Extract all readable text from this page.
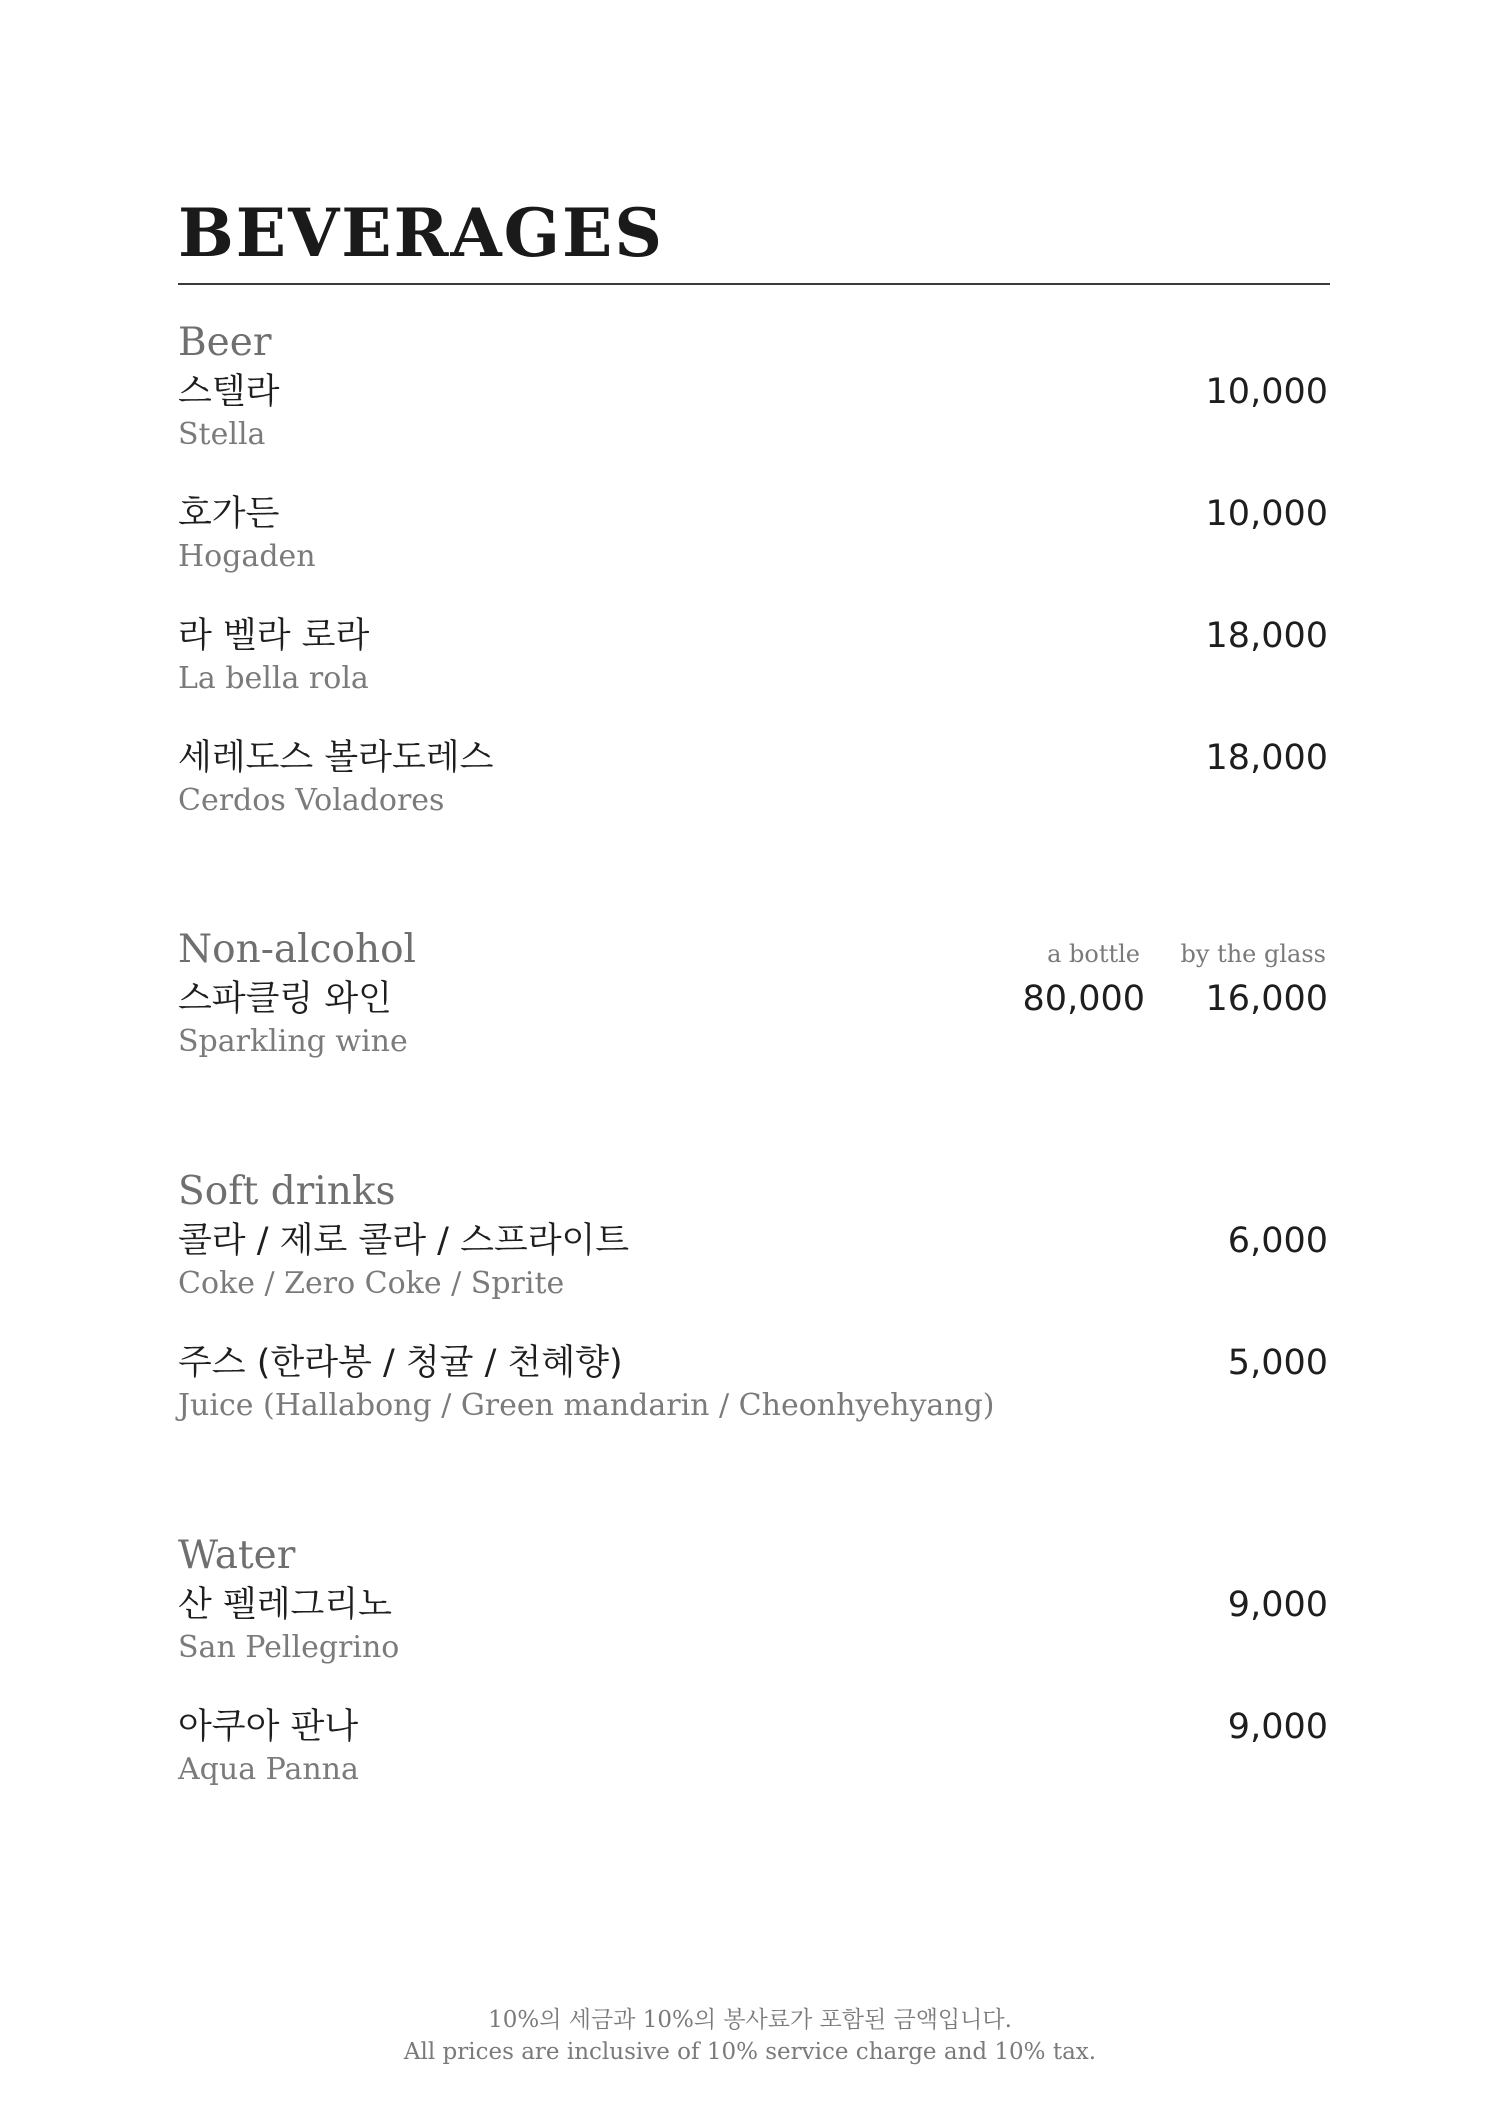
BEVERAGES
Beer
스텔라
Stella
10,000
호가든
Hogaden
10,000
라 벨라 로라
La bella rola
18,000
세레도스 볼라도레스
Cerdos Voladores
18,000
Non-alcohol	a bottle by the glass
스파클링 와인
Sparkling wine
80,000 16,000
Soft drinks
콜라 / 제로 콜라 / 스프라이트
Coke / Zero Coke / Sprite
6,000
주스 (한라봉 / 청귤 / 천혜향)
Juice (Hallabong / Green mandarin / Cheonhyehyang)
5,000
Water
산 펠레그리노
San Pellegrino
9,000
아쿠아 판나
Aqua Panna
9,000
10%의 세금과 10%의 봉사료가 포함된 금액입니다.
All prices are inclusive of 10% service charge and 10% tax.
